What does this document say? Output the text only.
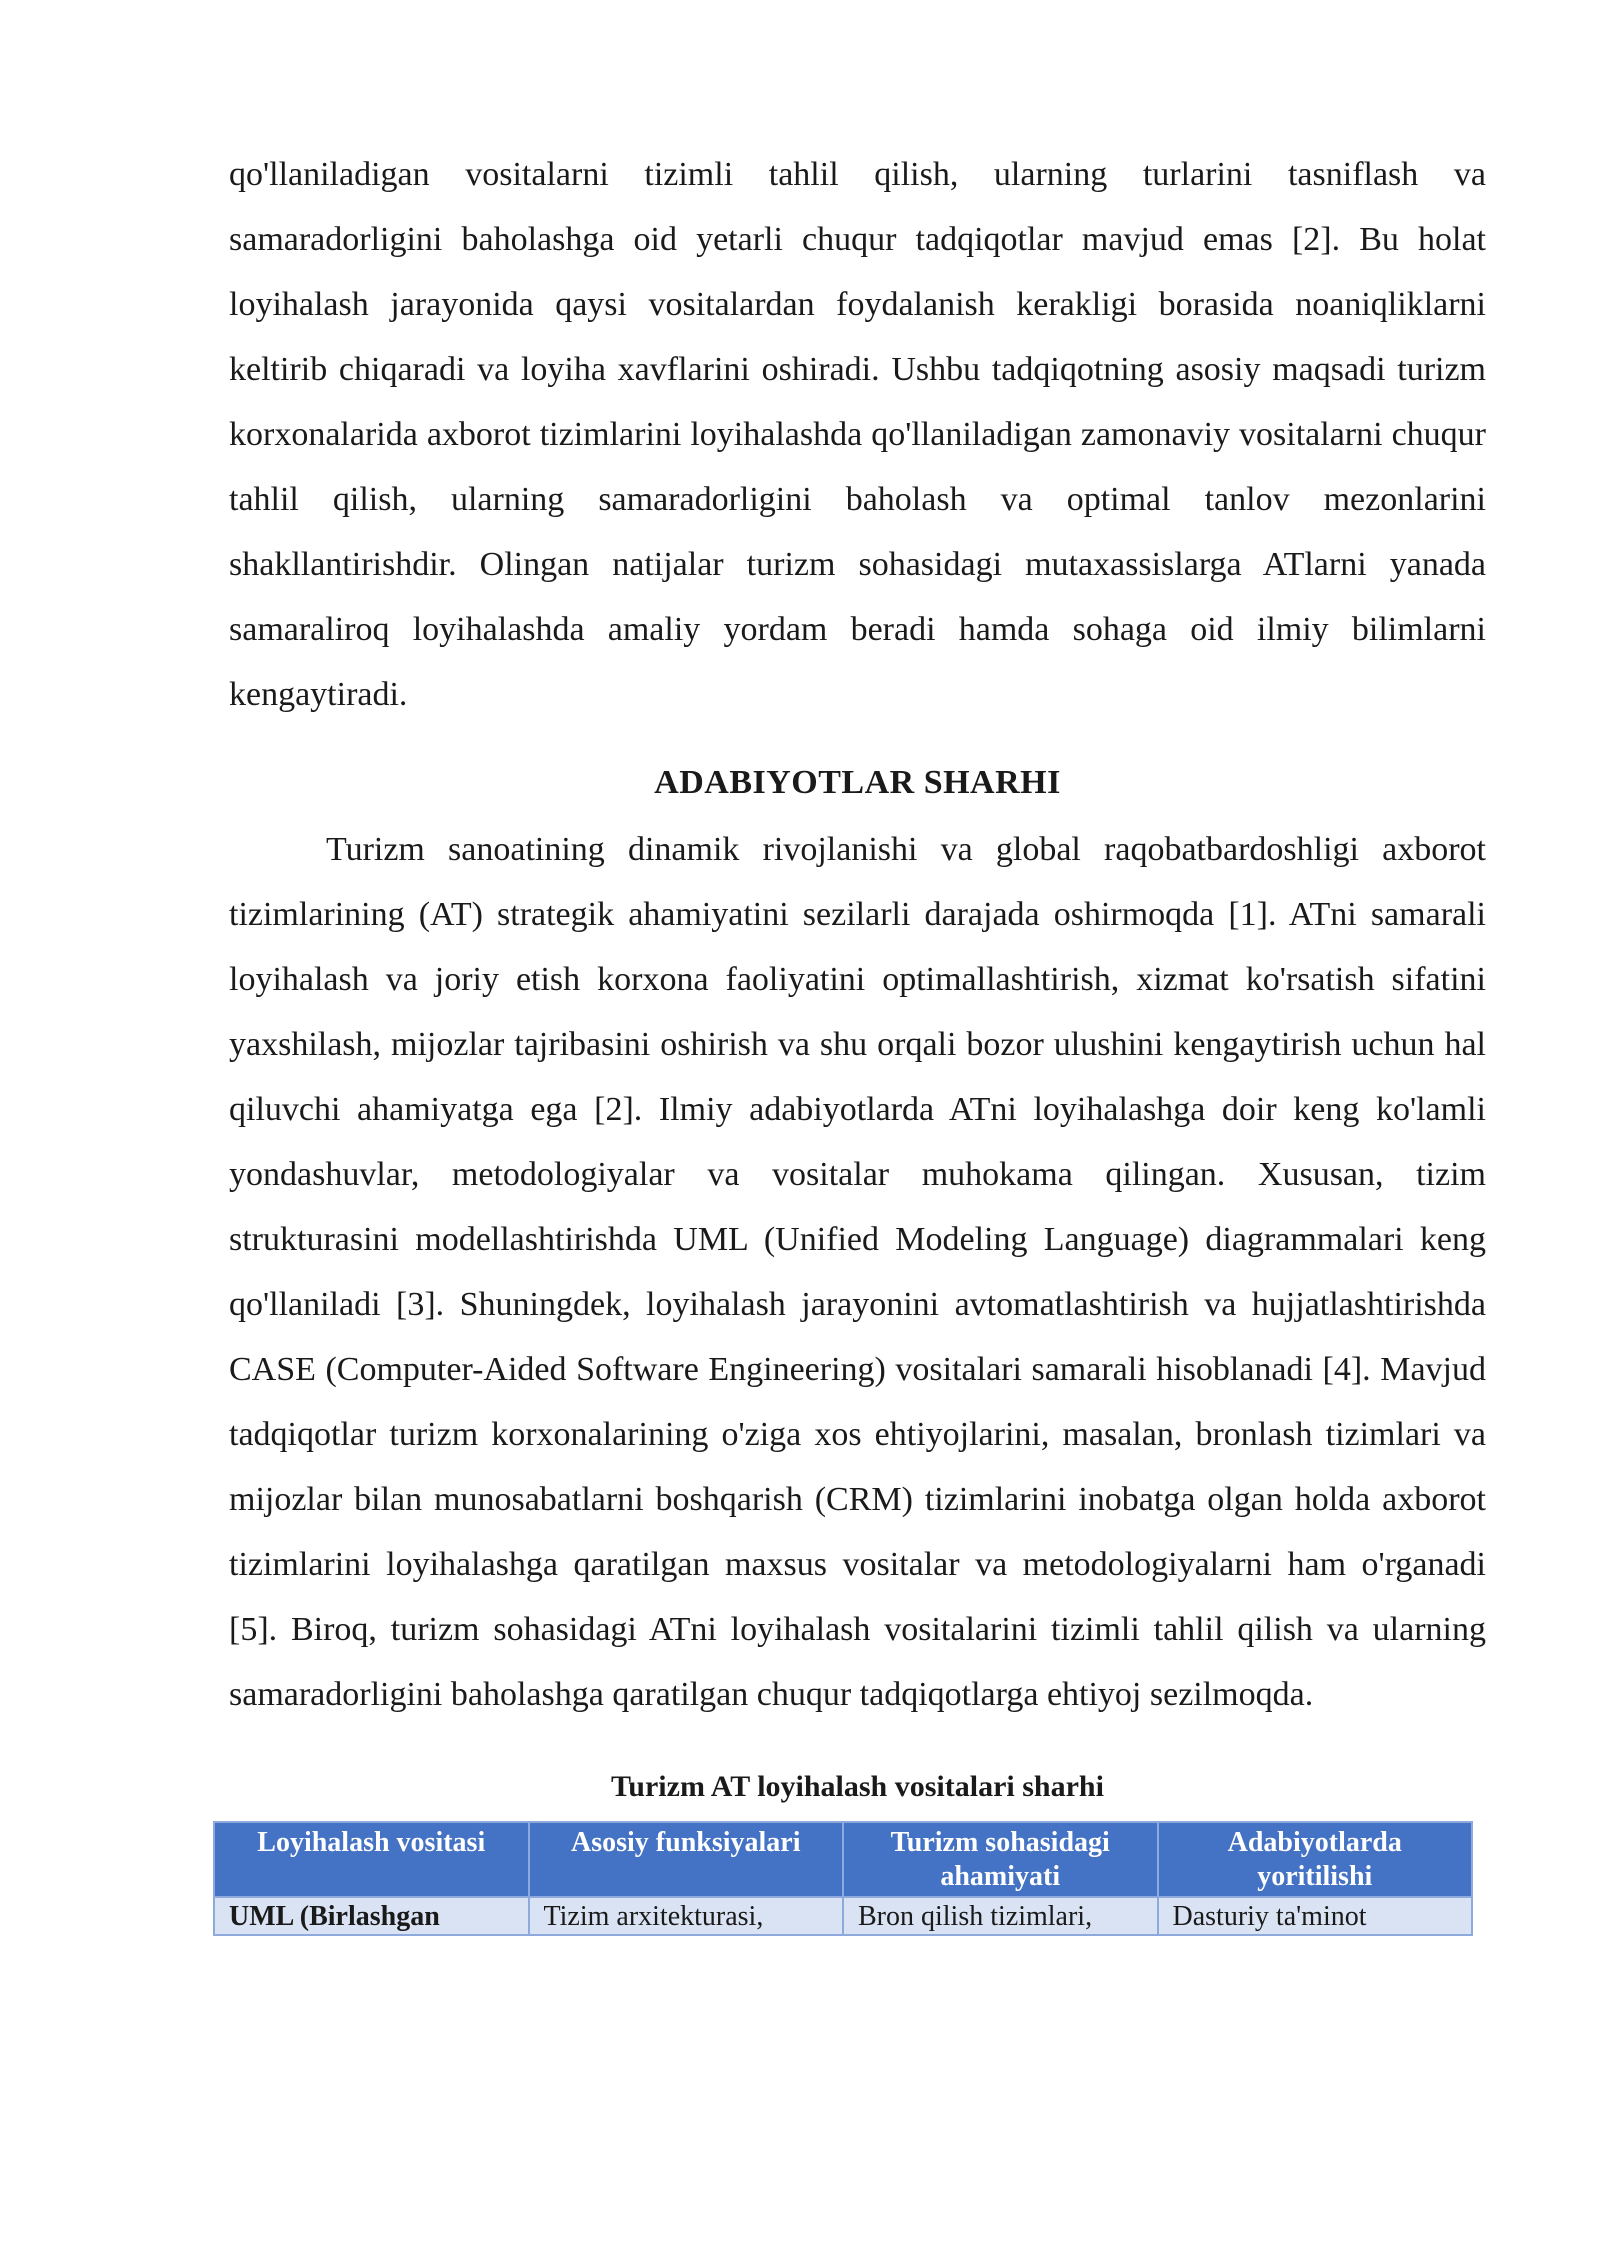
qo'llaniladigan vositalarni tizimli tahlil qilish, ularning turlarini tasniflash va samaradorligini baholashga oid yetarli chuqur tadqiqotlar mavjud emas [2]. Bu holat loyihalash jarayonida qaysi vositalardan foydalanish kerakligi borasida noaniqliklarni keltirib chiqaradi va loyiha xavflarini oshiradi. Ushbu tadqiqotning asosiy maqsadi turizm korxonalarida axborot tizimlarini loyihalashda qo'llaniladigan zamonaviy vositalarni chuqur tahlil qilish, ularning samaradorligini baholash va optimal tanlov mezonlarini shakllantirishdir. Olingan natijalar turizm sohasidagi mutaxassislarga ATlarni yanada samaraliroq loyihalashda amaliy yordam beradi hamda sohaga oid ilmiy bilimlarni kengaytiradi.

ADABIYOTLAR SHARHI

Turizm sanoatining dinamik rivojlanishi va global raqobatbardoshligi axborot tizimlarining (AT) strategik ahamiyatini sezilarli darajada oshirmoqda [1]. ATni samarali loyihalash va joriy etish korxona faoliyatini optimallashtirish, xizmat ko'rsatish sifatini yaxshilash, mijozlar tajribasini oshirish va shu orqali bozor ulushini kengaytirish uchun hal qiluvchi ahamiyatga ega [2]. Ilmiy adabiyotlarda ATni loyihalashga doir keng ko'lamli yondashuvlar, metodologiyalar va vositalar muhokama qilingan. Xususan, tizim strukturasini modellashtirishda UML (Unified Modeling Language) diagrammalari keng qo'llaniladi [3]. Shuningdek, loyihalash jarayonini avtomatlashtirish va hujjatlashtirishda CASE (Computer-Aided Software Engineering) vositalari samarali hisoblanadi [4]. Mavjud tadqiqotlar turizm korxonalarining o'ziga xos ehtiyojlarini, masalan, bronlash tizimlari va mijozlar bilan munosabatlarni boshqarish (CRM) tizimlarini inobatga olgan holda axborot tizimlarini loyihalashga qaratilgan maxsus vositalar va metodologiyalarni ham o'rganadi [5]. Biroq, turizm sohasidagi ATni loyihalash vositalarini tizimli tahlil qilish va ularning samaradorligini baholashga qaratilgan chuqur tadqiqotlarga ehtiyoj sezilmoqda.

Turizm AT loyihalash vositalari sharhi
Loyihalash vositasi	Asosiy funksiyalari	Turizm sohasidagi ahamiyati	Adabiyotlarda yoritilishi
UML (Birlashgan	Tizim arxitekturasi,	Bron qilish tizimlari,	Dasturiy ta'minot
